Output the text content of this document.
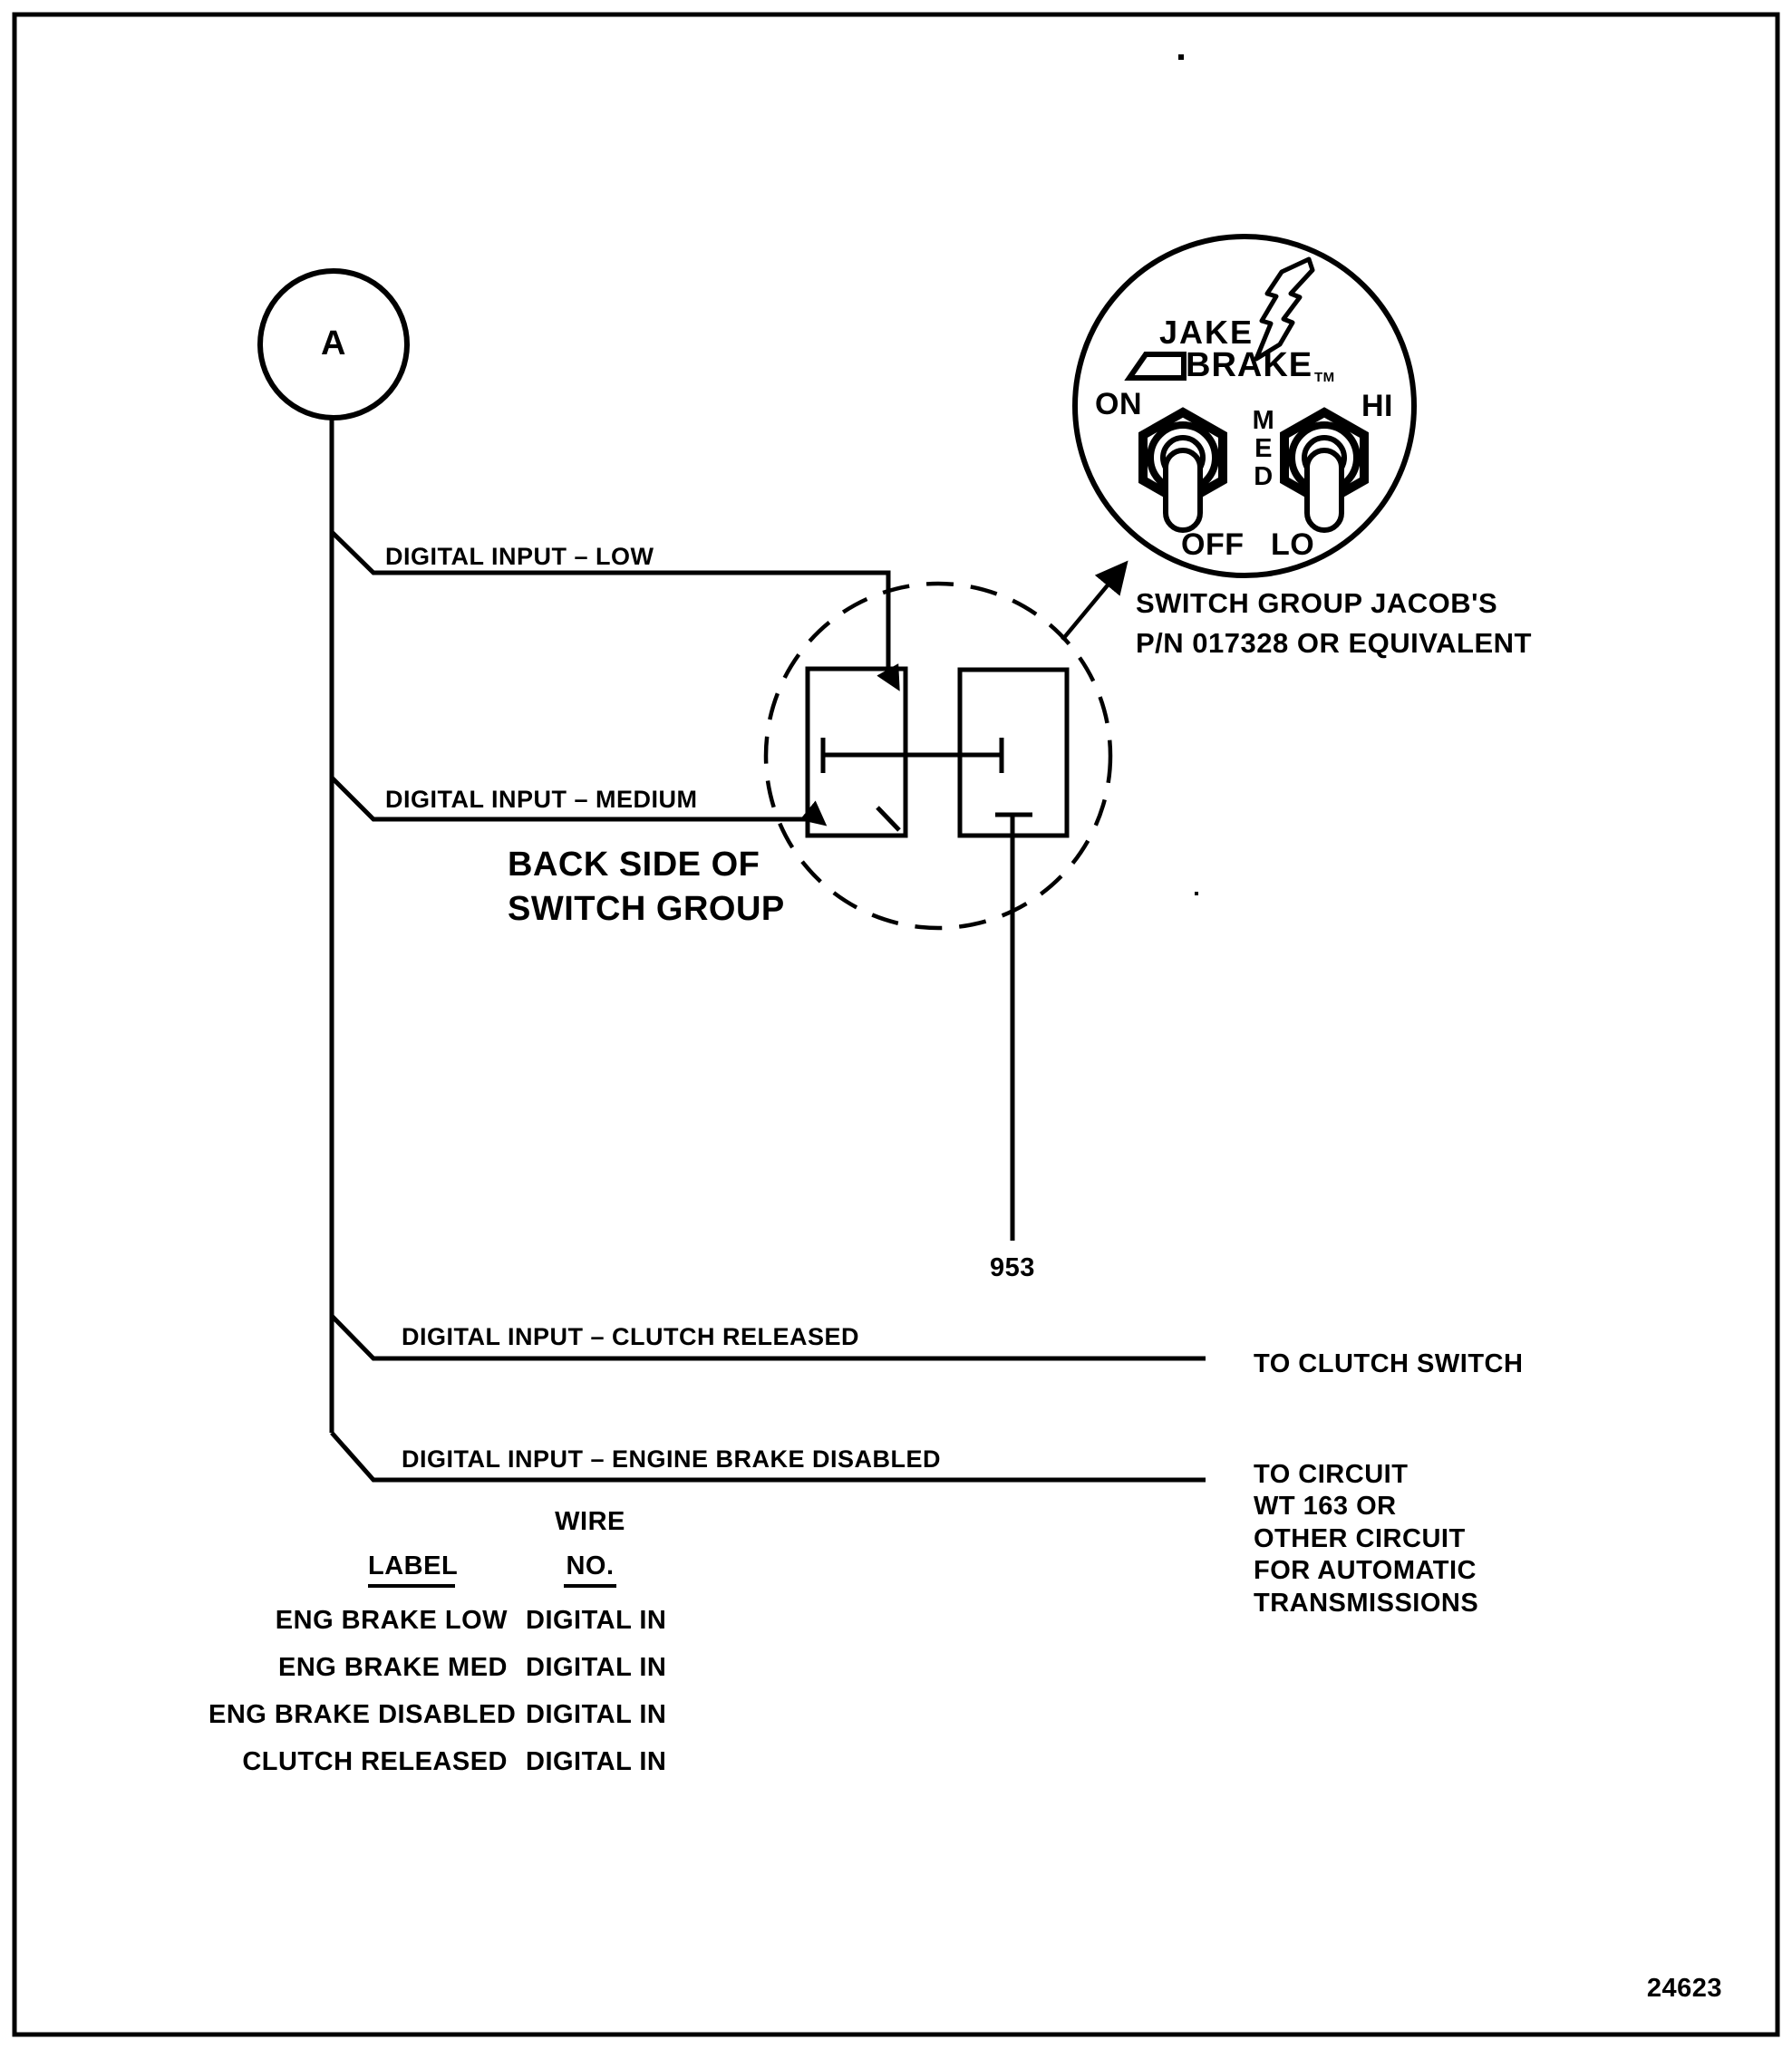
A
DIGITAL INPUT – LOW
DIGITAL INPUT – MEDIUM
DIGITAL INPUT – CLUTCH RELEASED
DIGITAL INPUT – ENGINE BRAKE DISABLED
BACK SIDE OF
SWITCH GROUP
JAKE
BRAKE TM
ON	HI
M
E
D
OFF LO
SWITCH GROUP JACOB'S
P/N 017328 OR EQUIVALENT
953
TO CLUTCH SWITCH
TO CIRCUIT
WT 163 OR
OTHER CIRCUIT
FOR AUTOMATIC
TRANSMISSIONS
WIRE
LABEL	NO.
ENG BRAKE LOW DIGITAL IN
ENG BRAKE MED DIGITAL IN
ENG BRAKE DISABLED DIGITAL IN
CLUTCH RELEASED DIGITAL IN
24623
